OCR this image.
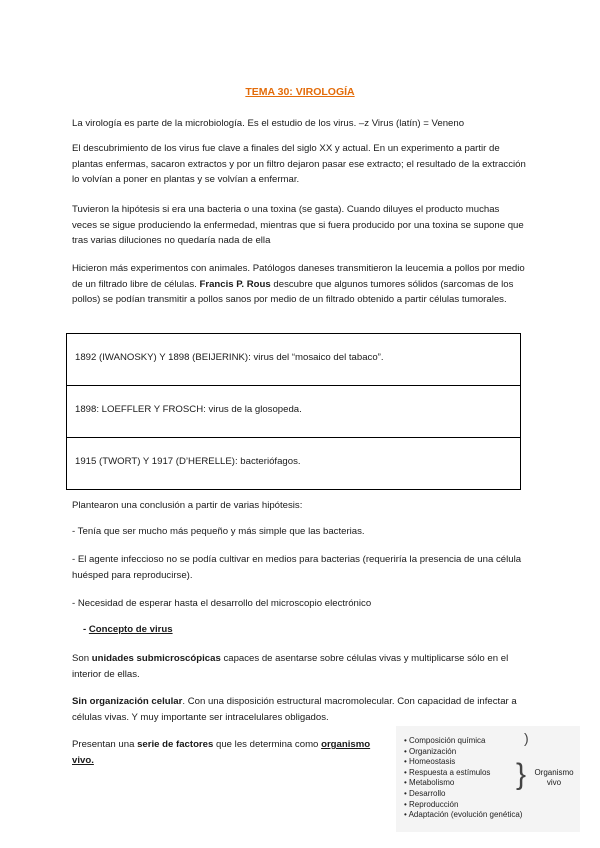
TEMA 30: VIROLOGÍA

La virología es parte de la microbiología. Es el estudio de los virus. –z Virus (latín) = Veneno

El descubrimiento de los virus fue clave a finales del siglo XX y actual. En un experimento a partir de plantas enfermas, sacaron extractos y por un filtro dejaron pasar ese extracto; el resultado de la extracción lo volvían a poner en plantas y se volvían a enfermar.

Tuvieron la hipótesis si era una bacteria o una toxina (se gasta). Cuando diluyes el producto muchas veces se sigue produciendo la enfermedad, mientras que si fuera producido por una toxina se supone que tras varias diluciones no quedaría nada de ella

Hicieron más experimentos con animales. Patólogos daneses transmitieron la leucemia a pollos por medio de un filtrado libre de células. Francis P. Rous descubre que algunos tumores sólidos (sarcomas de los pollos) se podían transmitir a pollos sanos por medio de un filtrado obtenido a partir células tumorales.

1892 (IWANOSKY) Y 1898 (BEIJERINK): virus del “mosaico del tabaco”.
1898: LOEFFLER Y FROSCH: virus de la glosopeda.
1915 (TWORT) Y 1917 (D’HERELLE): bacteriófagos.

Plantearon una conclusión a partir de varias hipótesis:

- Tenía que ser mucho más pequeño y más simple que las bacterias.

- El agente infeccioso no se podía cultivar en medios para bacterias (requeriría la presencia de una célula huésped para reproducirse).

- Necesidad de esperar hasta el desarrollo del microscopio electrónico

- Concepto de virus

Son unidades submicroscópicas capaces de asentarse sobre células vivas y multiplicarse sólo en el interior de ellas.

Sin organización celular. Con una disposición estructural macromolecular. Con capacidad de infectar a células vivas. Y muy importante ser intracelulares obligados.

Presentan una serie de factores que les determina como organismo vivo.

• Composición química
• Organización
• Homeostasis
• Respuesta a estímulos
• Metabolismo
• Desarrollo
• Reproducción
• Adaptación (evolución genética)
)
}	Organismo vivo
